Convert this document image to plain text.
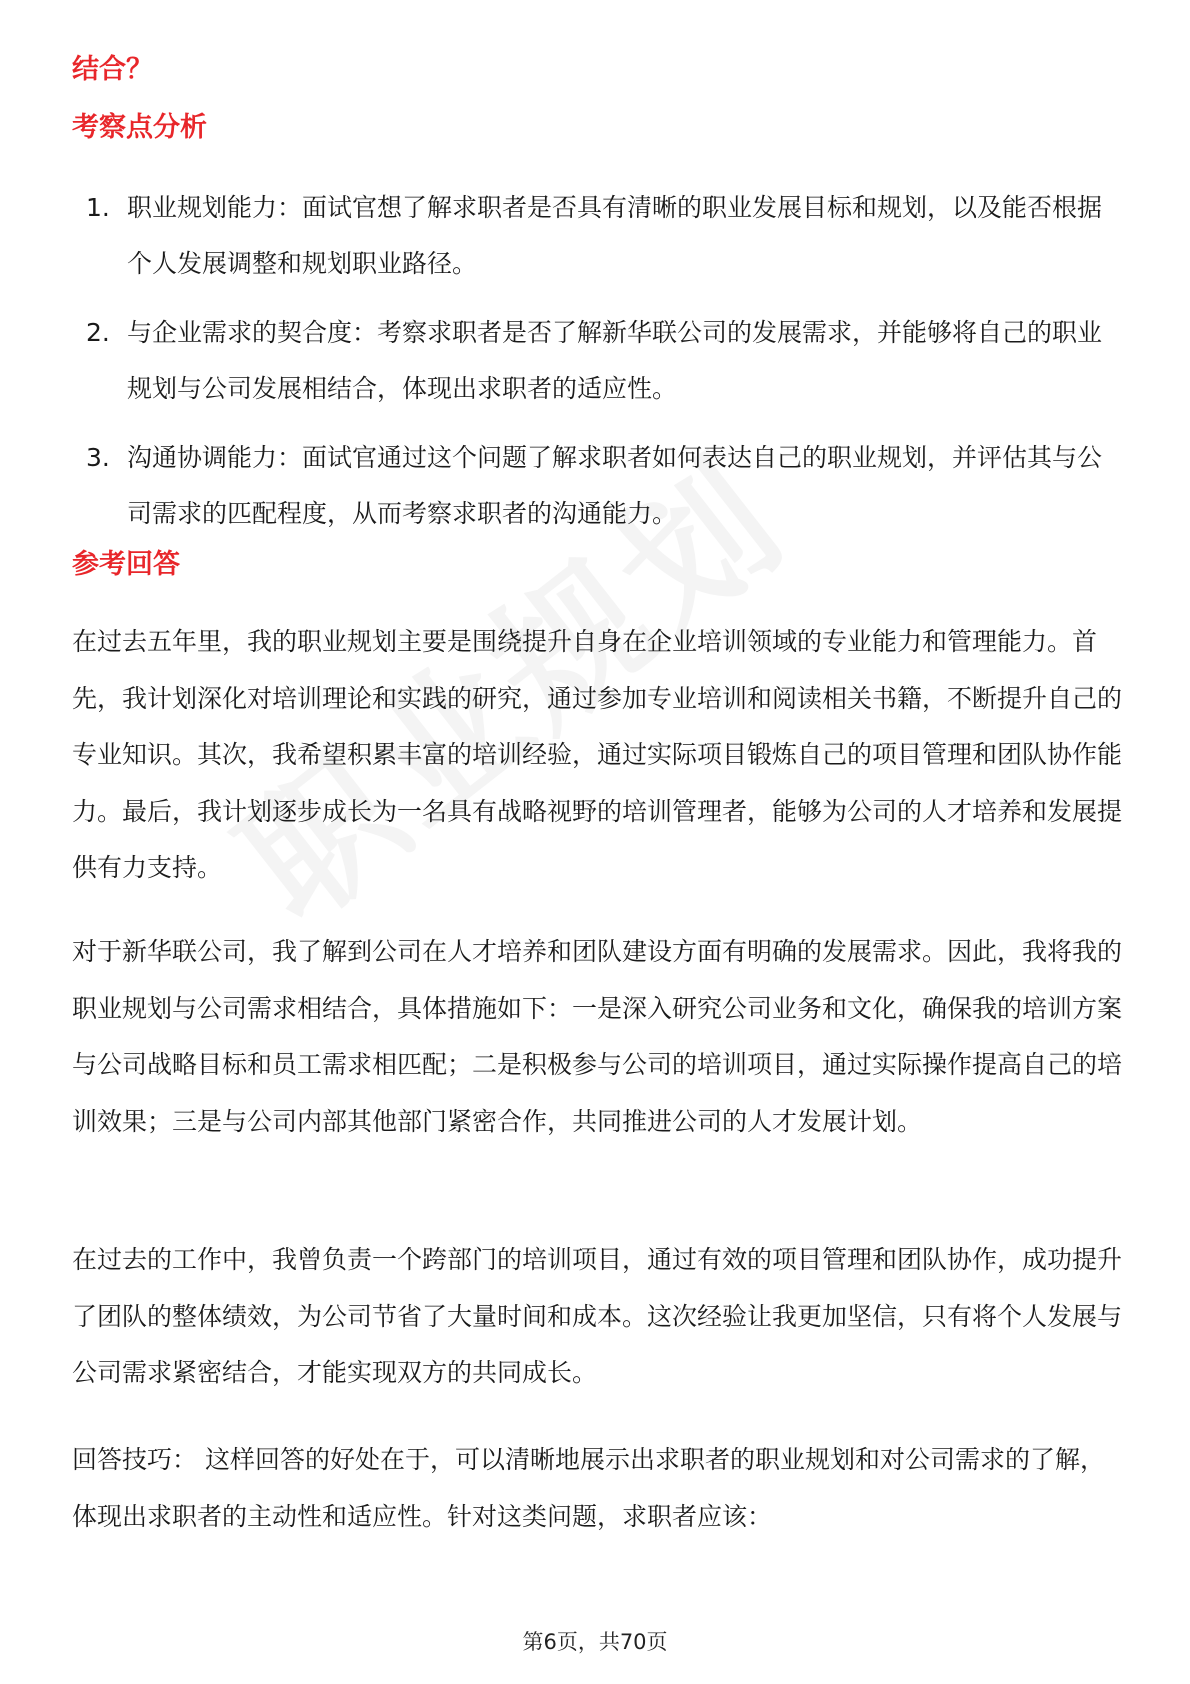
结合？
考察点分析
1. 职业规划能力：面试官想了解求职者是否具有清晰的职业发展目标和规划，以及能否根据个人发展调整和规划职业路径。
2. 与企业需求的契合度：考察求职者是否了解新华联公司的发展需求，并能够将自己的职业规划与公司发展相结合，体现出求职者的适应性。
3. 沟通协调能力：面试官通过这个问题了解求职者如何表达自己的职业规划，并评估其与公司需求的匹配程度，从而考察求职者的沟通能力。
参考回答

在过去五年里，我的职业规划主要是围绕提升自身在企业培训领域的专业能力和管理能力。首先，我计划深化对培训理论和实践的研究，通过参加专业培训和阅读相关书籍，不断提升自己的专业知识。其次，我希望积累丰富的培训经验，通过实际项目锻炼自己的项目管理和团队协作能力。最后，我计划逐步成长为一名具有战略视野的培训管理者，能够为公司的人才培养和发展提供有力支持。

对于新华联公司，我了解到公司在人才培养和团队建设方面有明确的发展需求。因此，我将我的职业规划与公司需求相结合，具体措施如下：一是深入研究公司业务和文化，确保我的培训方案与公司战略目标和员工需求相匹配；二是积极参与公司的培训项目，通过实际操作提高自己的培训效果；三是与公司内部其他部门紧密合作，共同推进公司的人才发展计划。

在过去的工作中，我曾负责一个跨部门的培训项目，通过有效的项目管理和团队协作，成功提升了团队的整体绩效，为公司节省了大量时间和成本。这次经验让我更加坚信，只有将个人发展与公司需求紧密结合，才能实现双方的共同成长。

回答技巧： 这样回答的好处在于，可以清晰地展示出求职者的职业规划和对公司需求的了解，体现出求职者的主动性和适应性。针对这类问题，求职者应该：

第6页，共70页
